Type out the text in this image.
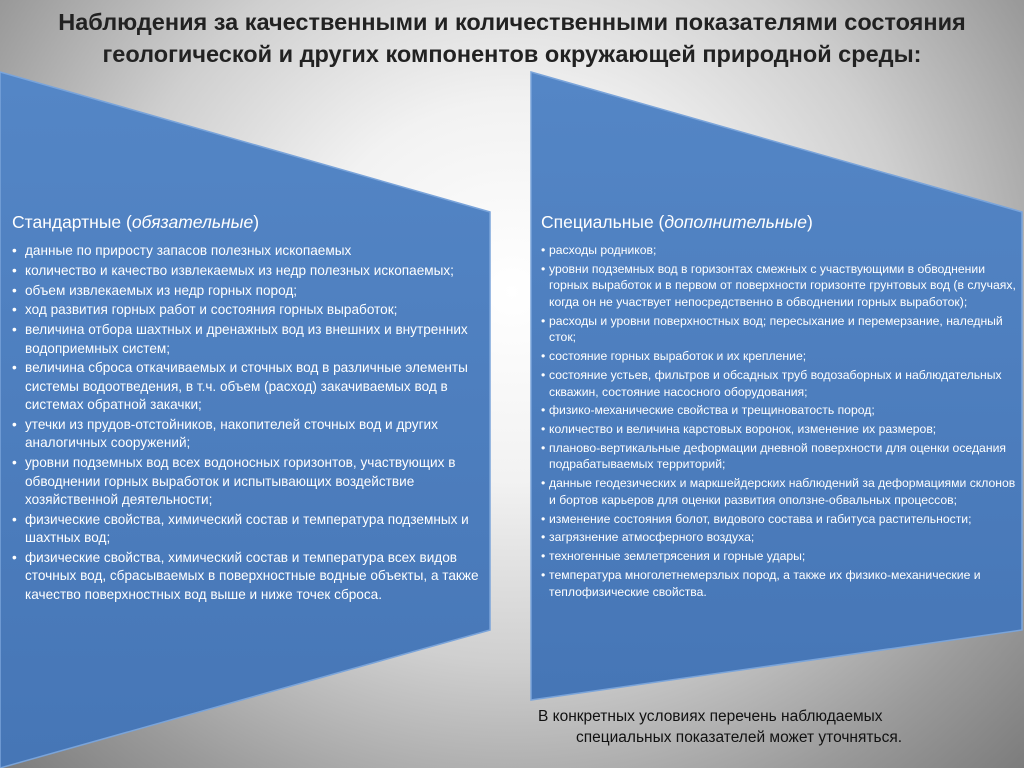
Наблюдения за качественными и количественными показателями состояния
геологической и других компонентов окружающей природной среды:
Стандартные (обязательные)
• данные по приросту запасов полезных ископаемых
• количество и качество извлекаемых из недр полезных ископаемых;
• объем извлекаемых из недр горных пород;
• ход развития горных работ и состояния горных выработок;
• величина отбора шахтных и дренажных вод из внешних и внутренних водоприемных систем;
• величина сброса откачиваемых и сточных вод в различные элементы системы водоотведения, в т.ч. объем (расход) закачиваемых вод в системах обратной закачки;
• утечки из прудов-отстойников, накопителей сточных вод и других аналогичных сооружений;
• уровни подземных вод всех водоносных горизонтов, участвующих в обводнении горных выработок и испытывающих воздействие хозяйственной деятельности;
• физические свойства, химический состав и температура подземных и шахтных вод;
• физические свойства, химический состав и температура всех видов сточных вод, сбрасываемых в поверхностные водные объекты, а также качество поверхностных вод выше и ниже точек сброса.
Специальные (дополнительные)
• расходы родников;
• уровни подземных вод в горизонтах смежных с участвующими в обводнении горных выработок и в первом от поверхности горизонте грунтовых вод (в случаях, когда он не участвует непосредственно в обводнении горных выработок);
• расходы и уровни поверхностных вод; пересыхание и перемерзание, наледный сток;
• состояние горных выработок и их крепление;
• состояние устьев, фильтров и обсадных труб водозаборных и наблюдательных скважин, состояние насосного оборудования;
• физико-механические свойства и трещиноватость пород;
• количество и величина карстовых воронок, изменение их размеров;
• планово-вертикальные деформации дневной поверхности для оценки оседания подрабатываемых территорий;
• данные геодезических и маркшейдерских наблюдений за деформациями склонов и бортов карьеров для оценки развития оползне-обвальных процессов;
• изменение состояния болот, видового состава и габитуса растительности;
• загрязнение атмосферного воздуха;
• техногенные землетрясения и горные удары;
• температура многолетнемерзлых пород, а также их физико-механические и теплофизические свойства.
В конкретных условиях перечень наблюдаемых
специальных показателей может уточняться.
